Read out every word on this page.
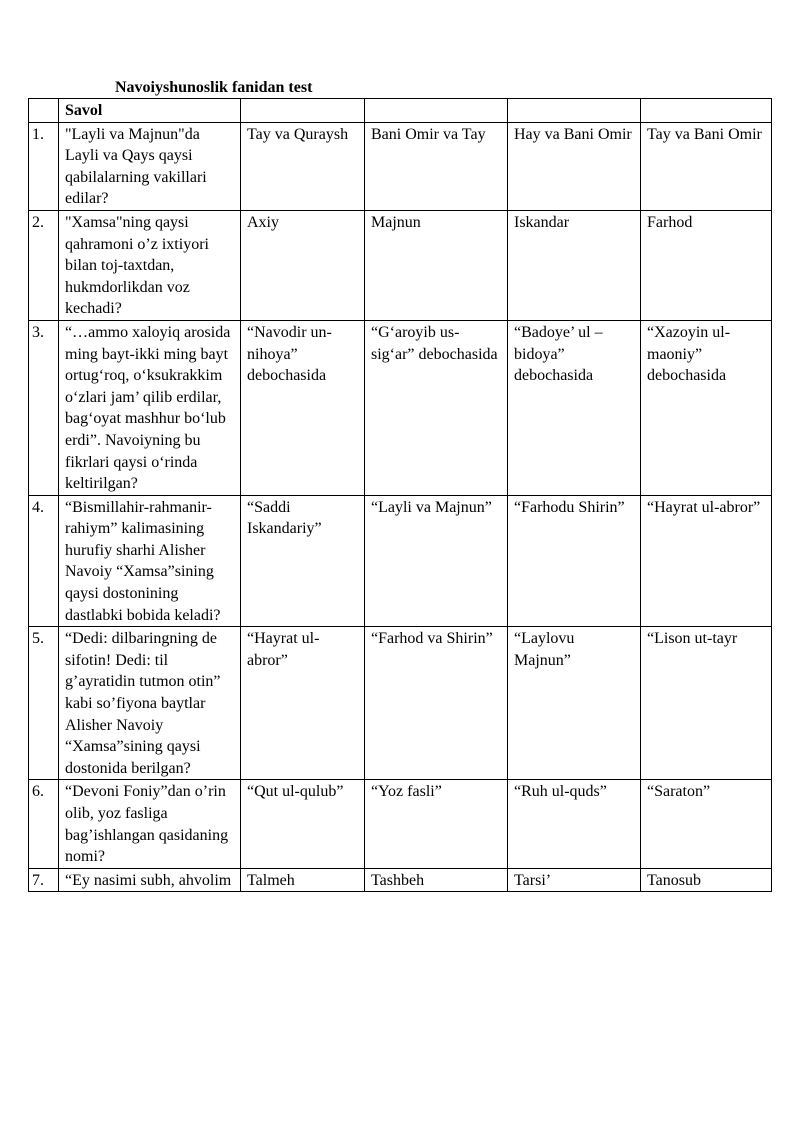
Navoiyshunoslik fanidan test
	Savol				
1.	"Layli va Majnun"da Layli va Qays qaysi qabilalarning vakillari edilar?	Tay va Quraysh	Bani Omir va Tay	Hay va Bani Omir	Tay va Bani Omir
2.	"Xamsa"ning qaysi qahramoni o’z ixtiyori bilan toj-taxtdan, hukmdorlikdan voz kechadi?	Axiy	Majnun	Iskandar	Farhod
3.	“…ammo xaloyiq arosida ming bayt-ikki ming bayt ortug‘roq, o‘ksukrakkim o‘zlari jam’ qilib erdilar, bag‘oyat mashhur bo‘lub erdi”. Navoiyning bu fikrlari qaysi o‘rinda keltirilgan?	“Navodir un-nihoya” debochasida	“G‘aroyib us-sig‘ar” debochasida	“Badoye’ ul – bidoya” debochasida	“Xazoyin ul-maoniy” debochasida
4.	“Bismillahir-rahmanir-rahiym” kalimasining hurufiy sharhi Alisher Navoiy “Xamsa”sining qaysi dostonining dastlabki bobida keladi?	“Saddi Iskandariy”	“Layli va Majnun”	“Farhodu Shirin”	“Hayrat ul-abror”
5.	“Dedi: dilbaringning de sifotin! Dedi: til g’ayratidin tutmon otin” kabi so’fiyona baytlar Alisher Navoiy “Xamsa”sining qaysi dostonida berilgan?	“Hayrat ul-abror”	“Farhod va Shirin”	“Laylovu Majnun”	“Lison ut-tayr
6.	“Devoni Foniy”dan o’rin olib, yoz fasliga bag’ishlangan qasidaning nomi?	“Qut ul-qulub”	“Yoz fasli”	“Ruh ul-quds”	“Saraton”
7.	“Ey nasimi subh, ahvolim	Talmeh	Tashbeh	Tarsi’	Tanosub
